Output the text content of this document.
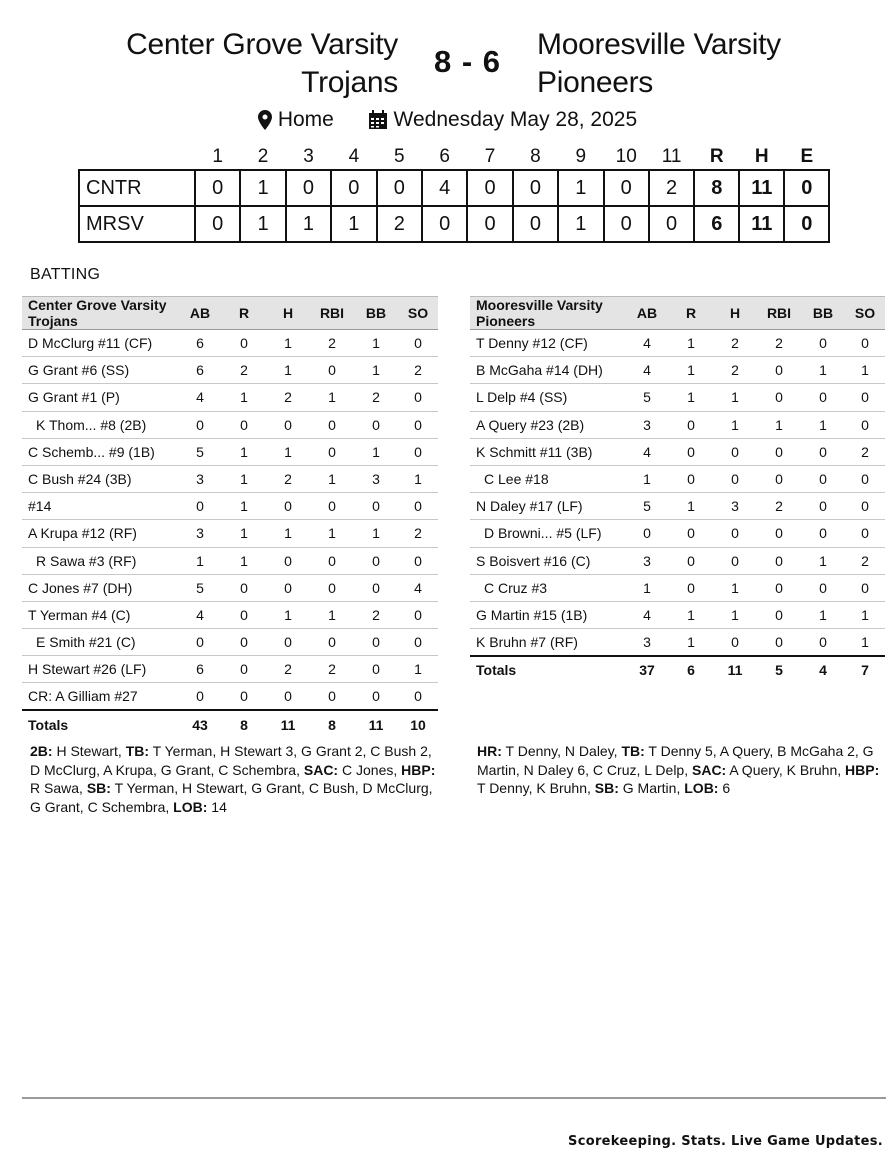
Center Grove Varsity
Trojans
8 - 6	Mooresville Varsity
Pioneers
Home
	Wednesday May 28, 2025
	1	2	3	4	5	6	7	8	9	10	11	R	H	E
CNTR	0	1	0	0	0	4	0	0	1	0	2	8	11	0
MRSV	0	1	1	1	2	0	0	0	1	0	0	6	11	0
BATTING
Center Grove Varsity Trojans	AB	R	H	RBI	BB	SO
D McClurg #11 (CF)	6	0	1	2	1	0
G Grant #6 (SS)	6	2	1	0	1	2
G Grant #1 (P)	4	1	2	1	2	0
K Thom... #8 (2B)	0	0	0	0	0	0
C Schemb... #9 (1B)	5	1	1	0	1	0
C Bush #24 (3B)	3	1	2	1	3	1
#14	0	1	0	0	0	0
A Krupa #12 (RF)	3	1	1	1	1	2
R Sawa #3 (RF)	1	1	0	0	0	0
C Jones #7 (DH)	5	0	0	0	0	4
T Yerman #4 (C)	4	0	1	1	2	0
E Smith #21 (C)	0	0	0	0	0	0
H Stewart #26 (LF)	6	0	2	2	0	1
CR: A Gilliam #27	0	0	0	0	0	0
Totals	43	8	11	8	11	10
Mooresville Varsity Pioneers	AB	R	H	RBI	BB	SO
T Denny #12 (CF)	4	1	2	2	0	0
B McGaha #14 (DH)	4	1	2	0	1	1
L Delp #4 (SS)	5	1	1	0	0	0
A Query #23 (2B)	3	0	1	1	1	0
K Schmitt #11 (3B)	4	0	0	0	0	2
C Lee #18	1	0	0	0	0	0
N Daley #17 (LF)	5	1	3	2	0	0
D Browni... #5 (LF)	0	0	0	0	0	0
S Boisvert #16 (C)	3	0	0	0	1	2
C Cruz #3	1	0	1	0	0	0
G Martin #15 (1B)	4	1	1	0	1	1
K Bruhn #7 (RF)	3	1	0	0	0	1
Totals	37	6	11	5	4	7
2B: H Stewart, TB: T Yerman, H Stewart 3, G Grant 2, C Bush 2, D McClurg, A Krupa, G Grant, C Schembra, SAC: C Jones, HBP: R Sawa, SB: T Yerman, H Stewart, G Grant, C Bush, D McClurg, G Grant, C Schembra, LOB: 14
HR: T Denny, N Daley, TB: T Denny 5, A Query, B McGaha 2, G Martin, N Daley 6, C Cruz, L Delp, SAC: A Query, K Bruhn, HBP: T Denny, K Bruhn, SB: G Martin, LOB: 6
Scorekeeping. Stats. Live Game Updates.
